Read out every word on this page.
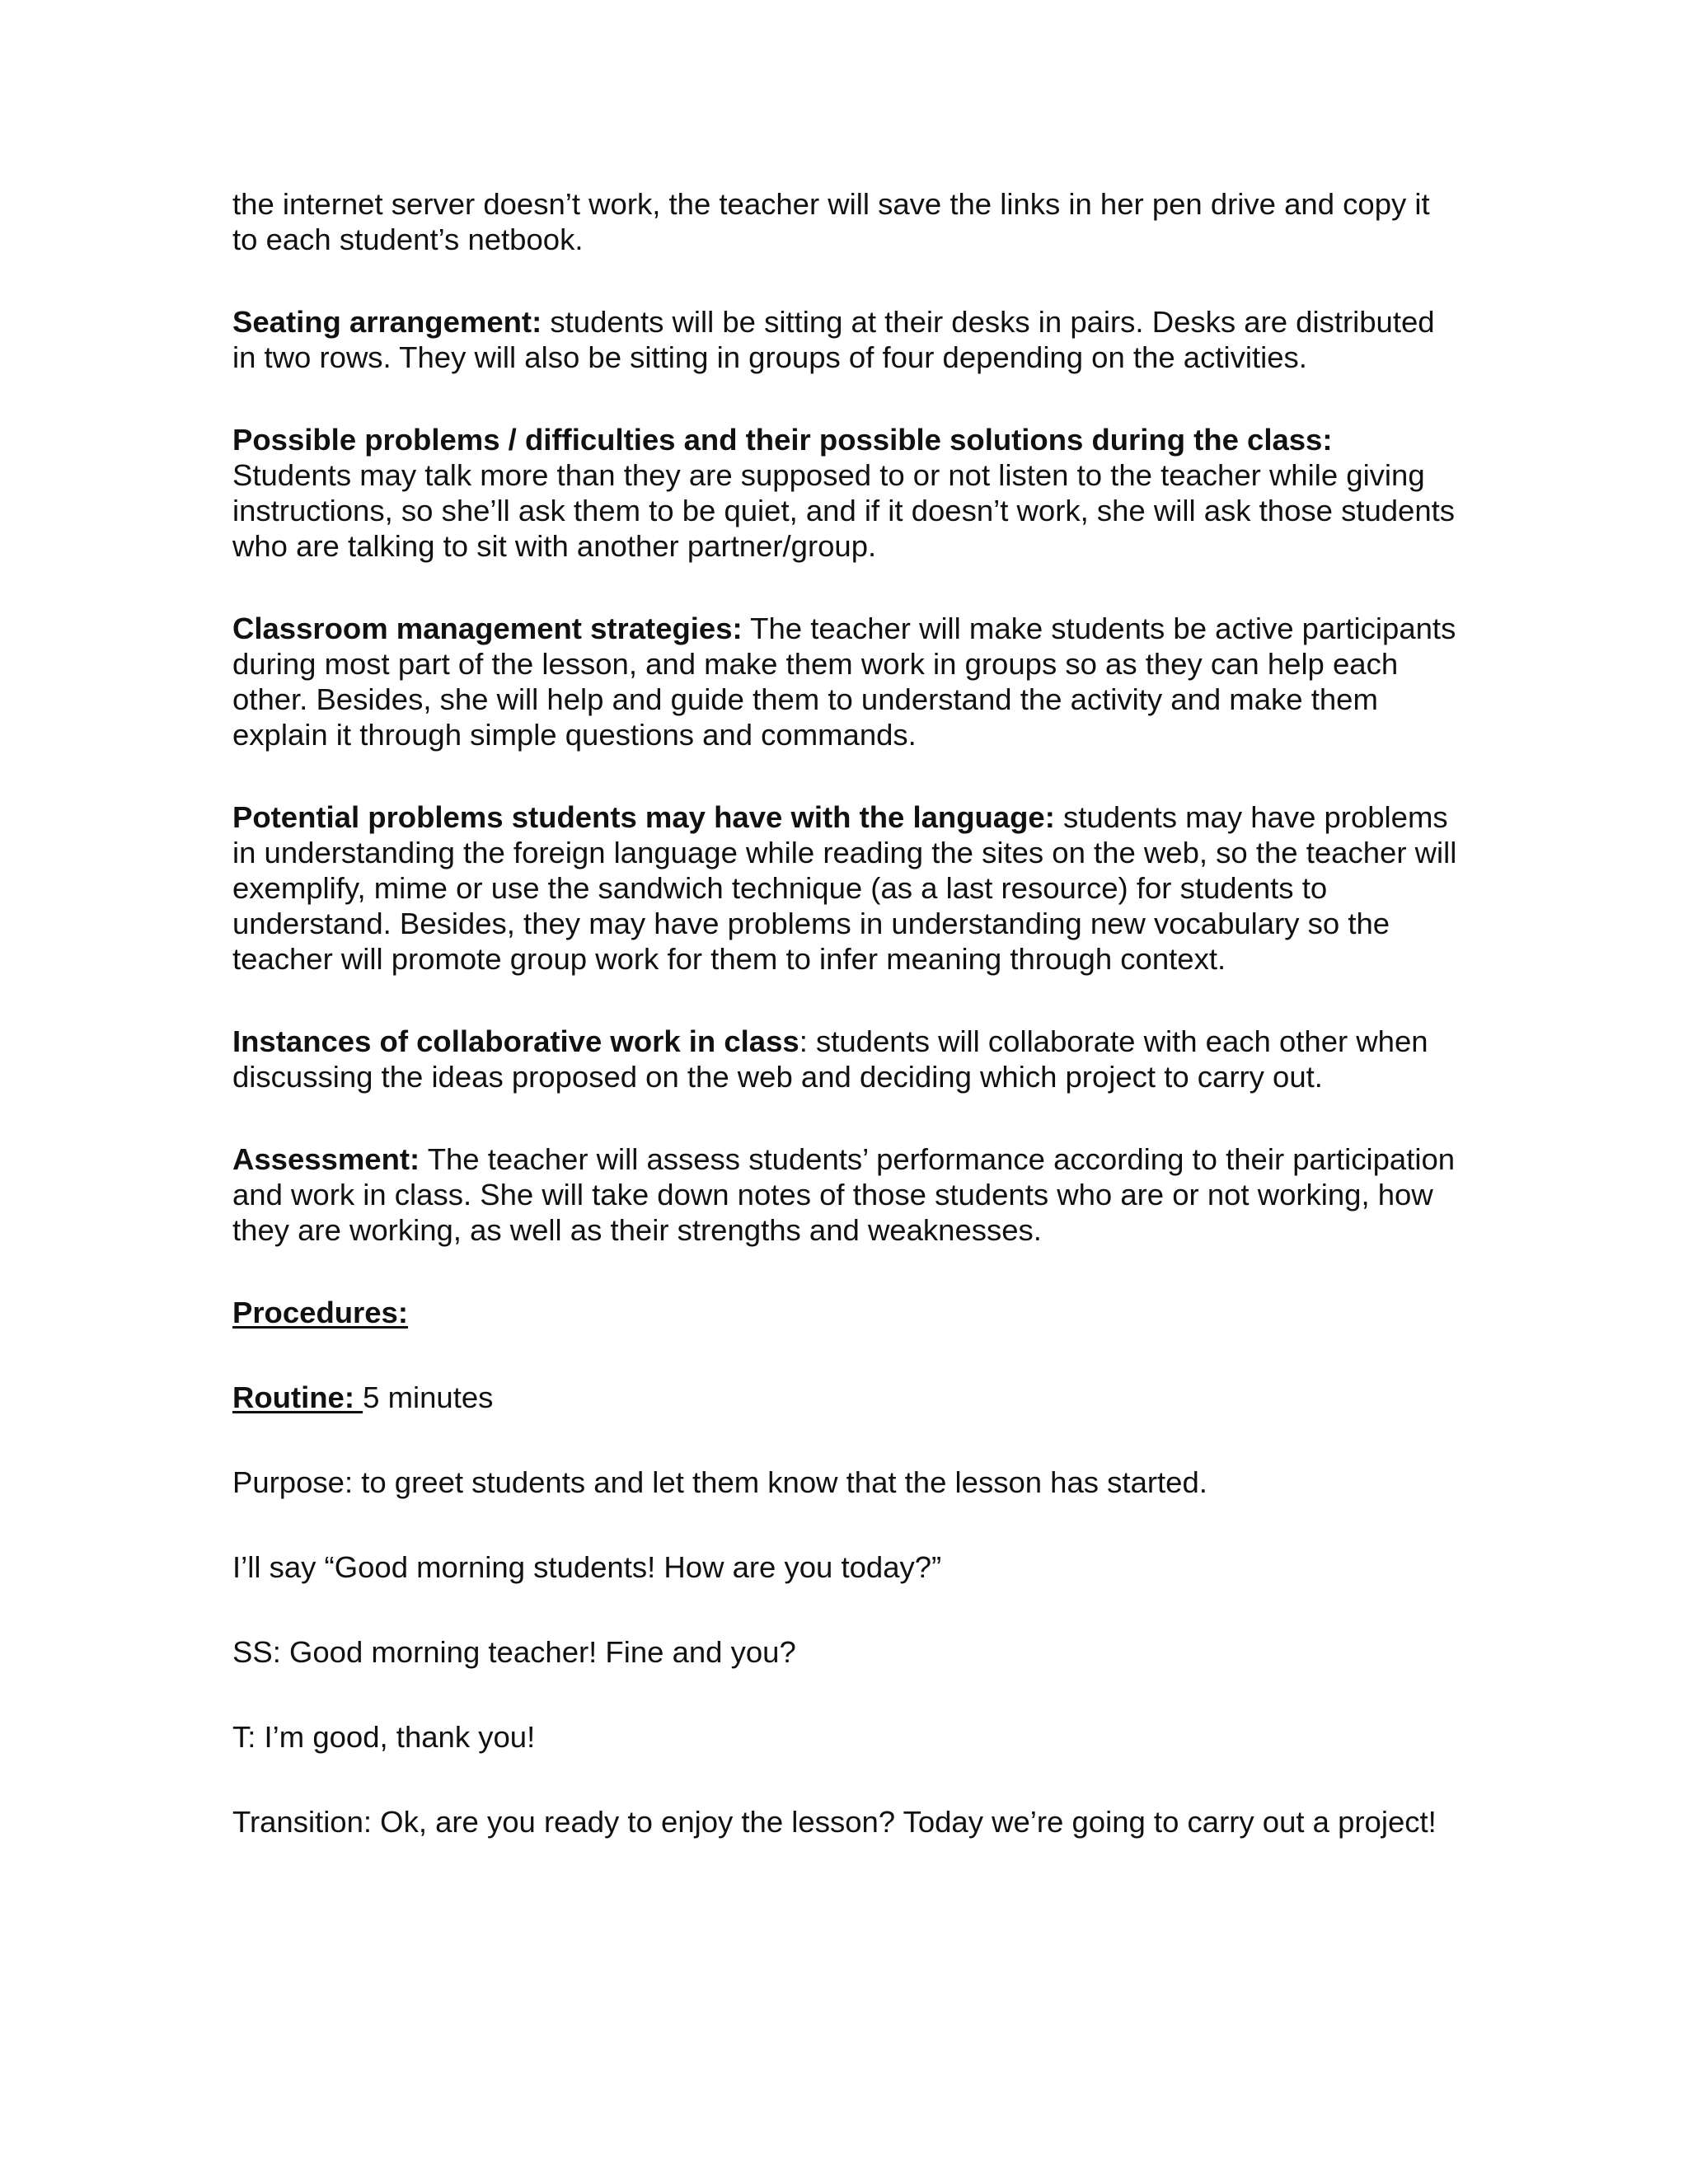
the internet server doesn’t work, the teacher will save the links in her pen drive and copy it to each student’s netbook.

Seating arrangement: students will be sitting at their desks in pairs. Desks are distributed in two rows. They will also be sitting in groups of four depending on the activities.

Possible problems / difficulties and their possible solutions during the class:
Students may talk more than they are supposed to or not listen to the teacher while giving instructions, so she’ll ask them to be quiet, and if it doesn’t work, she will ask those students who are talking to sit with another partner/group.

Classroom management strategies: The teacher will make students be active participants during most part of the lesson, and make them work in groups so as they can help each other. Besides, she will help and guide them to understand the activity and make them explain it through simple questions and commands.

Potential problems students may have with the language: students may have problems in understanding the foreign language while reading the sites on the web, so the teacher will exemplify, mime or use the sandwich technique (as a last resource) for students to understand. Besides, they may have problems in understanding new vocabulary so the teacher will promote group work for them to infer meaning through context.

Instances of collaborative work in class: students will collaborate with each other when discussing the ideas proposed on the web and deciding which project to carry out.

Assessment: The teacher will assess students’ performance according to their participation and work in class. She will take down notes of those students who are or not working, how they are working, as well as their strengths and weaknesses.

Procedures:

Routine: 5 minutes

Purpose: to greet students and let them know that the lesson has started.

I’ll say “Good morning students! How are you today?”

SS: Good morning teacher! Fine and you?

T: I’m good, thank you!

Transition: Ok, are you ready to enjoy the lesson? Today we’re going to carry out a project!
